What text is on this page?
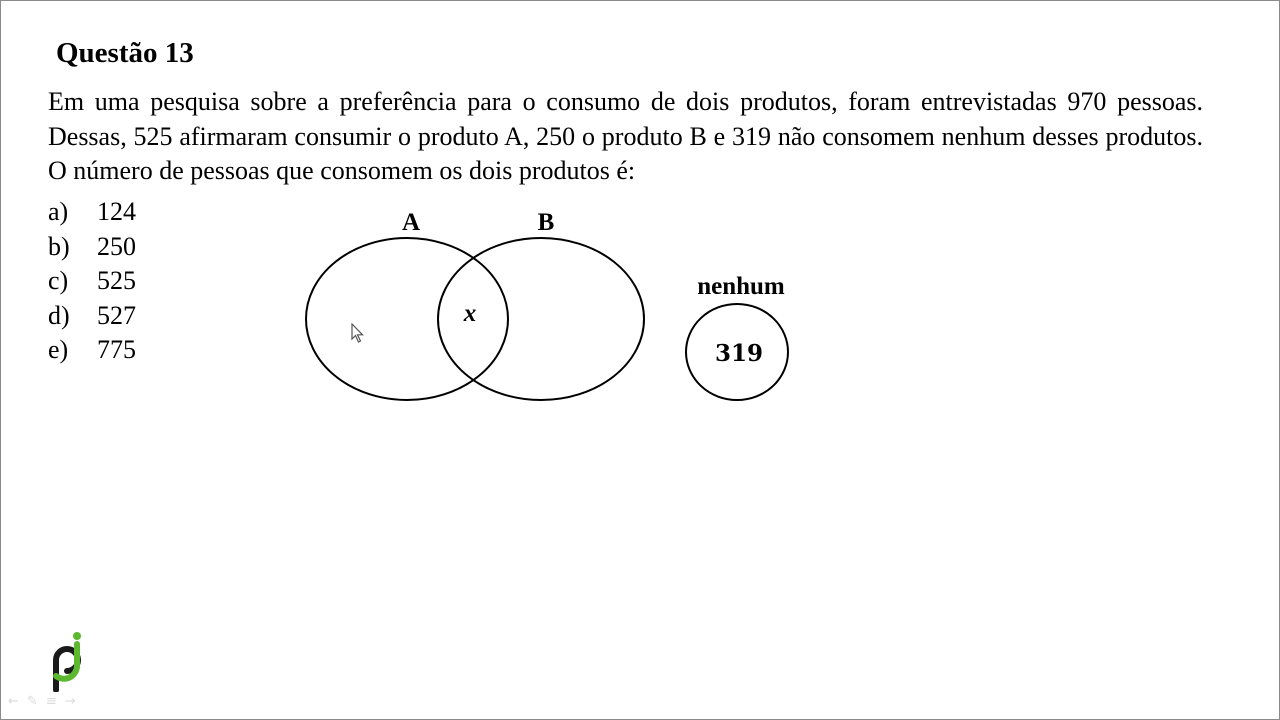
Questão 13
Em uma pesquisa sobre a preferência para o consumo de dois produtos, foram entrevistadas 970 pessoas. Dessas, 525 afirmaram consumir o produto A, 250 o produto B e 319 não consomem nenhum desses produtos. O número de pessoas que consomem os dois produtos é:
a)	124
b)	250
c)	525
d)	527
e)	775
A	B
x
nenhum
319
← ✎ ≡ →
